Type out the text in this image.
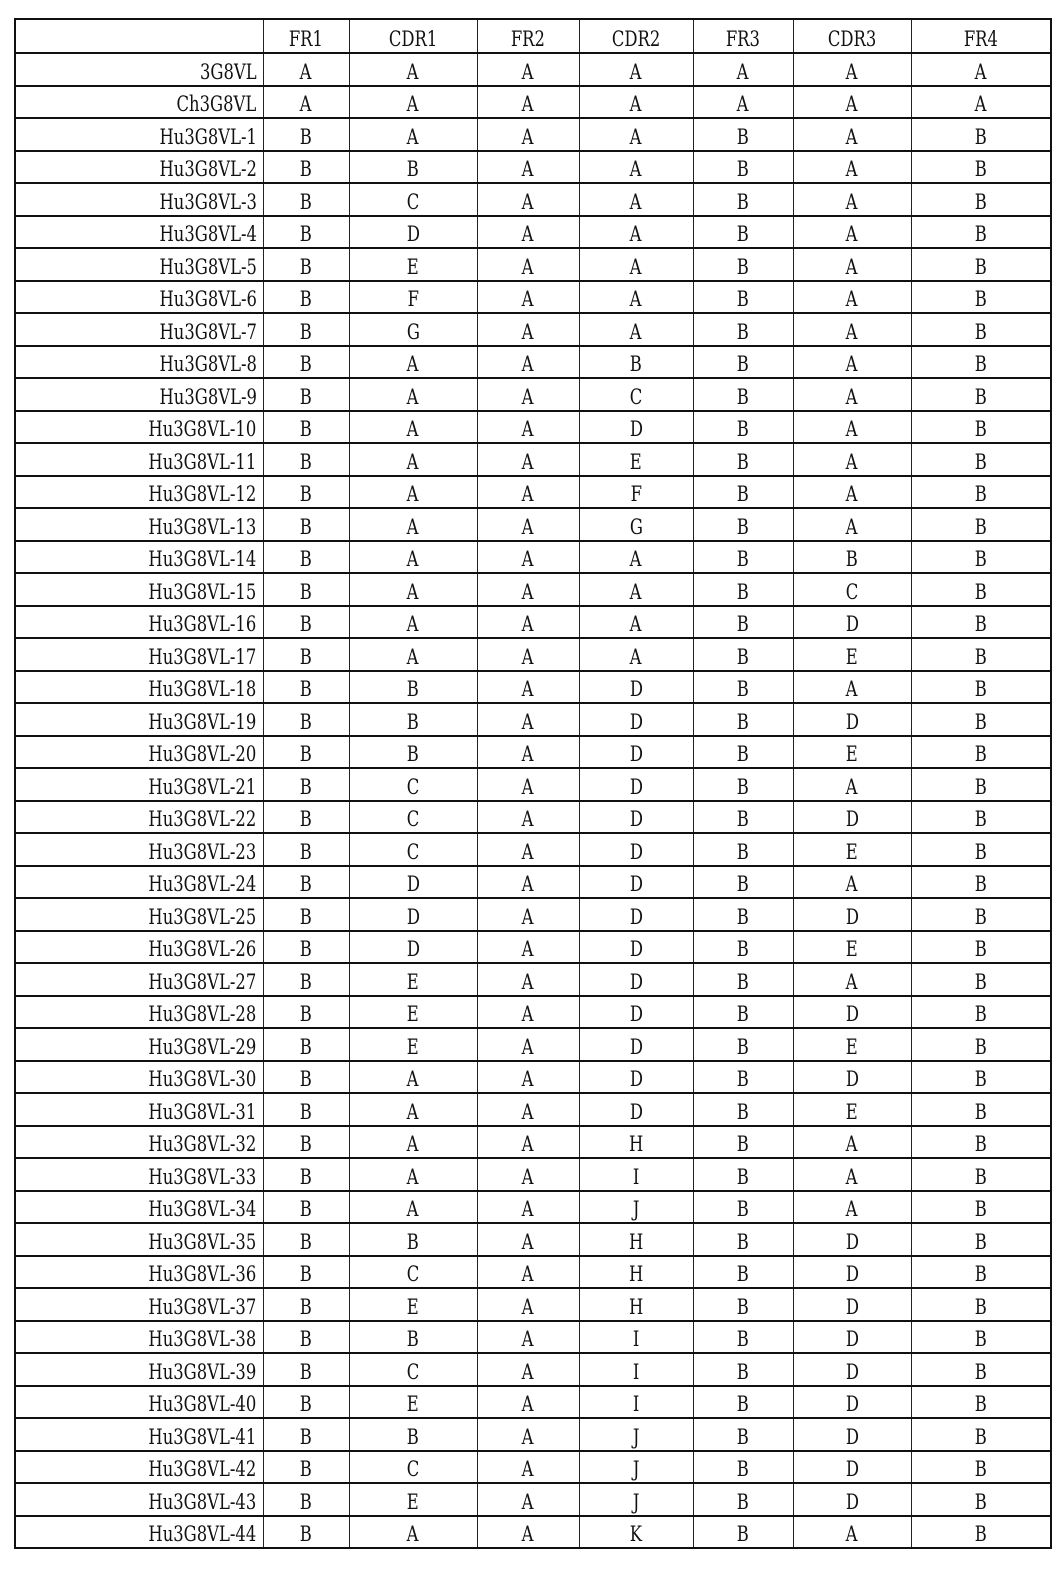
	FR1	CDR1	FR2	CDR2	FR3	CDR3	FR4
3G8VL	A	A	A	A	A	A	A
Ch3G8VL	A	A	A	A	A	A	A
Hu3G8VL-1	B	A	A	A	B	A	B
Hu3G8VL-2	B	B	A	A	B	A	B
Hu3G8VL-3	B	C	A	A	B	A	B
Hu3G8VL-4	B	D	A	A	B	A	B
Hu3G8VL-5	B	E	A	A	B	A	B
Hu3G8VL-6	B	F	A	A	B	A	B
Hu3G8VL-7	B	G	A	A	B	A	B
Hu3G8VL-8	B	A	A	B	B	A	B
Hu3G8VL-9	B	A	A	C	B	A	B
Hu3G8VL-10	B	A	A	D	B	A	B
Hu3G8VL-11	B	A	A	E	B	A	B
Hu3G8VL-12	B	A	A	F	B	A	B
Hu3G8VL-13	B	A	A	G	B	A	B
Hu3G8VL-14	B	A	A	A	B	B	B
Hu3G8VL-15	B	A	A	A	B	C	B
Hu3G8VL-16	B	A	A	A	B	D	B
Hu3G8VL-17	B	A	A	A	B	E	B
Hu3G8VL-18	B	B	A	D	B	A	B
Hu3G8VL-19	B	B	A	D	B	D	B
Hu3G8VL-20	B	B	A	D	B	E	B
Hu3G8VL-21	B	C	A	D	B	A	B
Hu3G8VL-22	B	C	A	D	B	D	B
Hu3G8VL-23	B	C	A	D	B	E	B
Hu3G8VL-24	B	D	A	D	B	A	B
Hu3G8VL-25	B	D	A	D	B	D	B
Hu3G8VL-26	B	D	A	D	B	E	B
Hu3G8VL-27	B	E	A	D	B	A	B
Hu3G8VL-28	B	E	A	D	B	D	B
Hu3G8VL-29	B	E	A	D	B	E	B
Hu3G8VL-30	B	A	A	D	B	D	B
Hu3G8VL-31	B	A	A	D	B	E	B
Hu3G8VL-32	B	A	A	H	B	A	B
Hu3G8VL-33	B	A	A	I	B	A	B
Hu3G8VL-34	B	A	A	J	B	A	B
Hu3G8VL-35	B	B	A	H	B	D	B
Hu3G8VL-36	B	C	A	H	B	D	B
Hu3G8VL-37	B	E	A	H	B	D	B
Hu3G8VL-38	B	B	A	I	B	D	B
Hu3G8VL-39	B	C	A	I	B	D	B
Hu3G8VL-40	B	E	A	I	B	D	B
Hu3G8VL-41	B	B	A	J	B	D	B
Hu3G8VL-42	B	C	A	J	B	D	B
Hu3G8VL-43	B	E	A	J	B	D	B
Hu3G8VL-44	B	A	A	K	B	A	B
